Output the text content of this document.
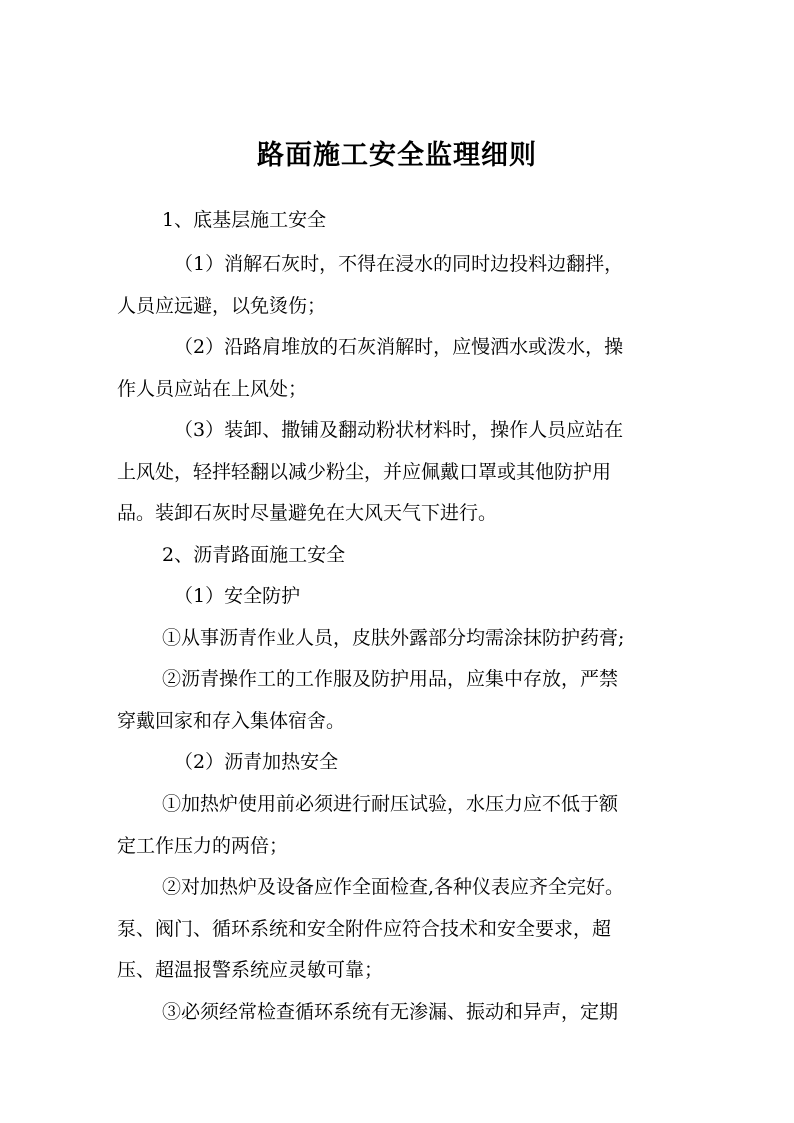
路面施工安全监理细则
1、底基层施工安全
（1）消解石灰时，不得在浸水的同时边投料边翻拌，
人员应远避，以免烫伤；
（2）沿路肩堆放的石灰消解时，应慢洒水或泼水，操
作人员应站在上风处；
（3）装卸、撒铺及翻动粉状材料时，操作人员应站在
上风处，轻拌轻翻以减少粉尘，并应佩戴口罩或其他防护用
品。装卸石灰时尽量避免在大风天气下进行。
2、沥青路面施工安全
（1）安全防护
①从事沥青作业人员，皮肤外露部分均需涂抹防护药膏;
②沥青操作工的工作服及防护用品，应集中存放，严禁
穿戴回家和存入集体宿舍。
（2）沥青加热安全
①加热炉使用前必须进行耐压试验，水压力应不低于额
定工作压力的两倍；
②对加热炉及设备应作全面检查,各种仪表应齐全完好。
泵、阀门、循环系统和安全附件应符合技术和安全要求，超
压、超温报警系统应灵敏可靠；
③必须经常检查循环系统有无渗漏、振动和异声，定期
